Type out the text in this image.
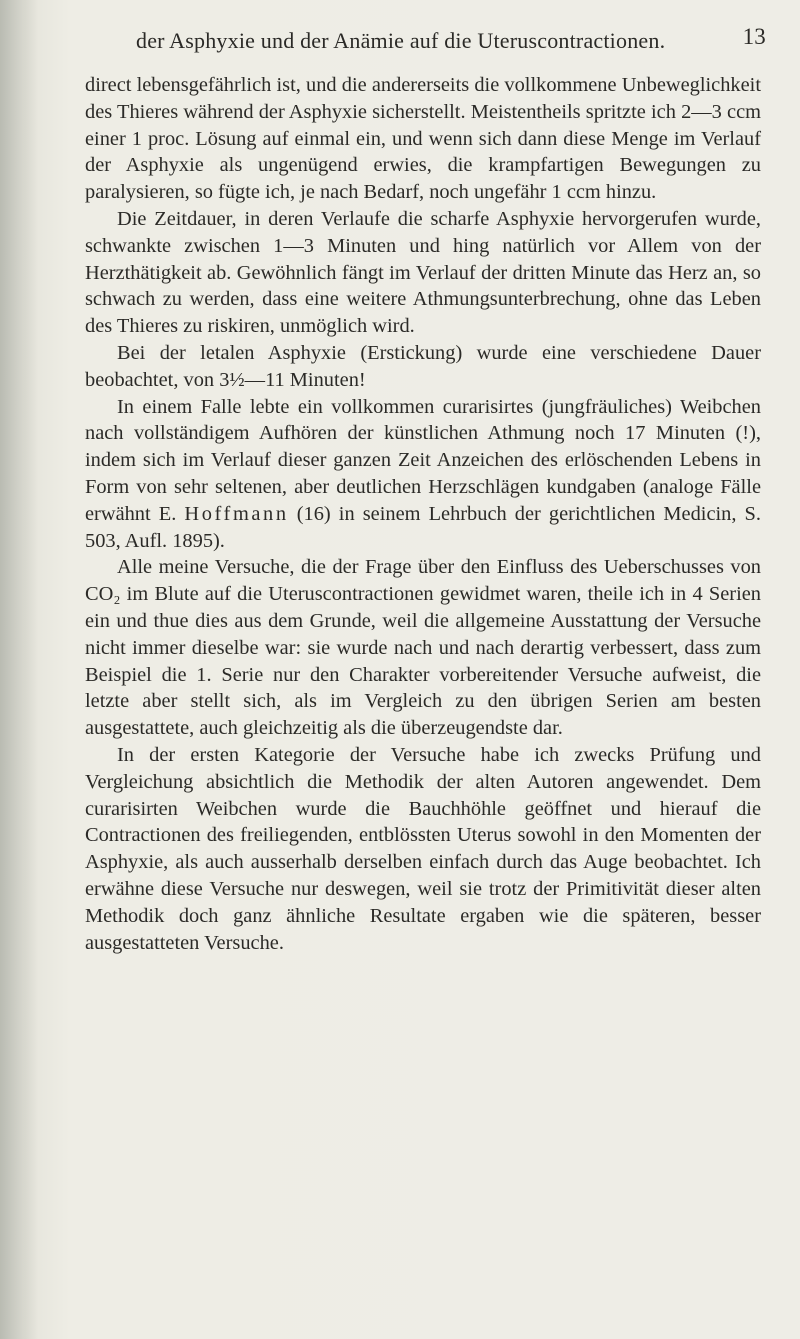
der Asphyxie und der Anämie auf die Uteruscontractionen.	13

direct lebensgefährlich ist, und die andererseits die vollkommene Unbeweglichkeit des Thieres während der Asphyxie sicherstellt. Meistentheils spritzte ich 2—3 ccm einer 1 proc. Lösung auf einmal ein, und wenn sich dann diese Menge im Verlauf der Asphyxie als ungenügend erwies, die krampfartigen Bewegungen zu paralysieren, so fügte ich, je nach Bedarf, noch ungefähr 1 ccm hinzu.

Die Zeitdauer, in deren Verlaufe die scharfe Asphyxie hervorgerufen wurde, schwankte zwischen 1—3 Minuten und hing natürlich vor Allem von der Herzthätigkeit ab. Gewöhnlich fängt im Verlauf der dritten Minute das Herz an, so schwach zu werden, dass eine weitere Athmungsunterbrechung, ohne das Leben des Thieres zu riskiren, unmöglich wird.

Bei der letalen Asphyxie (Erstickung) wurde eine verschiedene Dauer beobachtet, von 3½—11 Minuten!

In einem Falle lebte ein vollkommen curarisirtes (jungfräuliches) Weibchen nach vollständigem Aufhören der künstlichen Athmung noch 17 Minuten (!), indem sich im Verlauf dieser ganzen Zeit Anzeichen des erlöschenden Lebens in Form von sehr seltenen, aber deutlichen Herzschlägen kundgaben (analoge Fälle erwähnt E. Hoffmann (16) in seinem Lehrbuch der gerichtlichen Medicin, S. 503, Aufl. 1895).

Alle meine Versuche, die der Frage über den Einfluss des Ueberschusses von CO₂ im Blute auf die Uteruscontractionen gewidmet waren, theile ich in 4 Serien ein und thue dies aus dem Grunde, weil die allgemeine Ausstattung der Versuche nicht immer dieselbe war: sie wurde nach und nach derartig verbessert, dass zum Beispiel die 1. Serie nur den Charakter vorbereitender Versuche aufweist, die letzte aber stellt sich, als im Vergleich zu den übrigen Serien am besten ausgestattete, auch gleichzeitig als die überzeugendste dar.

In der ersten Kategorie der Versuche habe ich zwecks Prüfung und Vergleichung absichtlich die Methodik der alten Autoren angewendet. Dem curarisirten Weibchen wurde die Bauchhöhle geöffnet und hierauf die Contractionen des freiliegenden, entblössten Uterus sowohl in den Momenten der Asphyxie, als auch ausserhalb derselben einfach durch das Auge beobachtet. Ich erwähne diese Versuche nur deswegen, weil sie trotz der Primitivität dieser alten Methodik doch ganz ähnliche Resultate ergaben wie die späteren, besser ausgestatteten Versuche.
